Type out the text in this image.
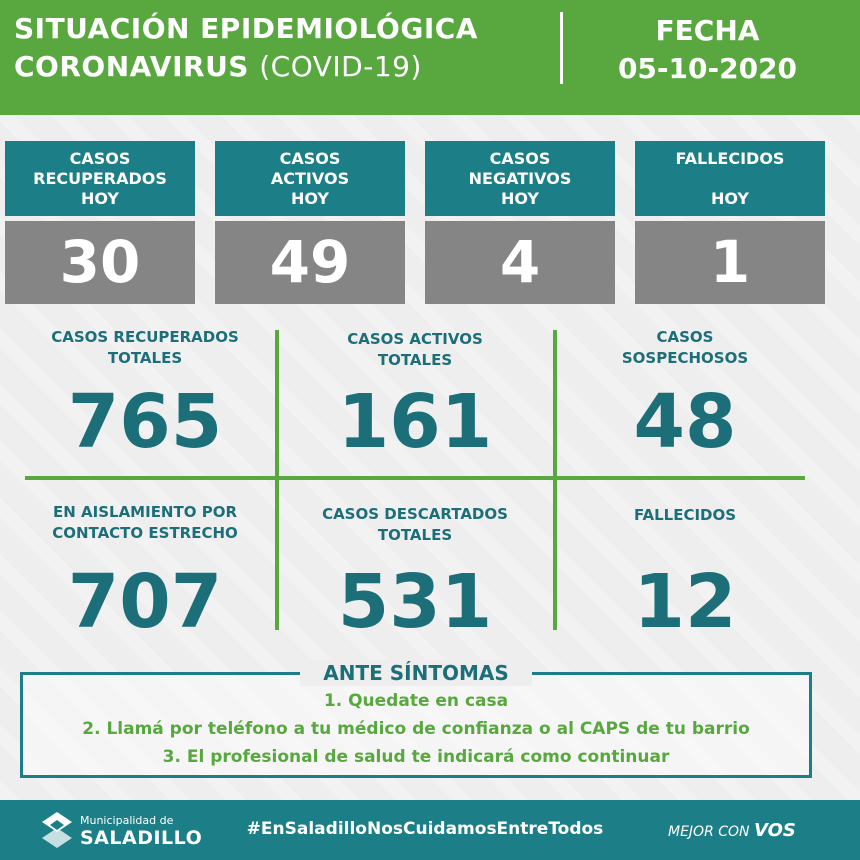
SITUACIÓN EPIDEMIOLÓGICA
CORONAVIRUS (COVID-19)
FECHA
05-10-2020
CASOS
RECUPERADOS
HOY
30
CASOS
ACTIVOS
HOY
49
CASOS
NEGATIVOS
HOY
4
FALLECIDOS

HOY
1
CASOS RECUPERADOS
TOTALES
765
CASOS ACTIVOS
TOTALES
161
CASOS
SOSPECHOSOS
48
EN AISLAMIENTO POR
CONTACTO ESTRECHO
707
CASOS DESCARTADOS
TOTALES
531
FALLECIDOS
12
ANTE SÍNTOMAS
1. Quedate en casa
2. Llamá por teléfono a tu médico de confianza o al CAPS de tu barrio
3. El profesional de salud te indicará como continuar
Municipalidad de
SALADILLO	#EnSaladilloNosCuidamosEntreTodos	MEJOR CON VOS
